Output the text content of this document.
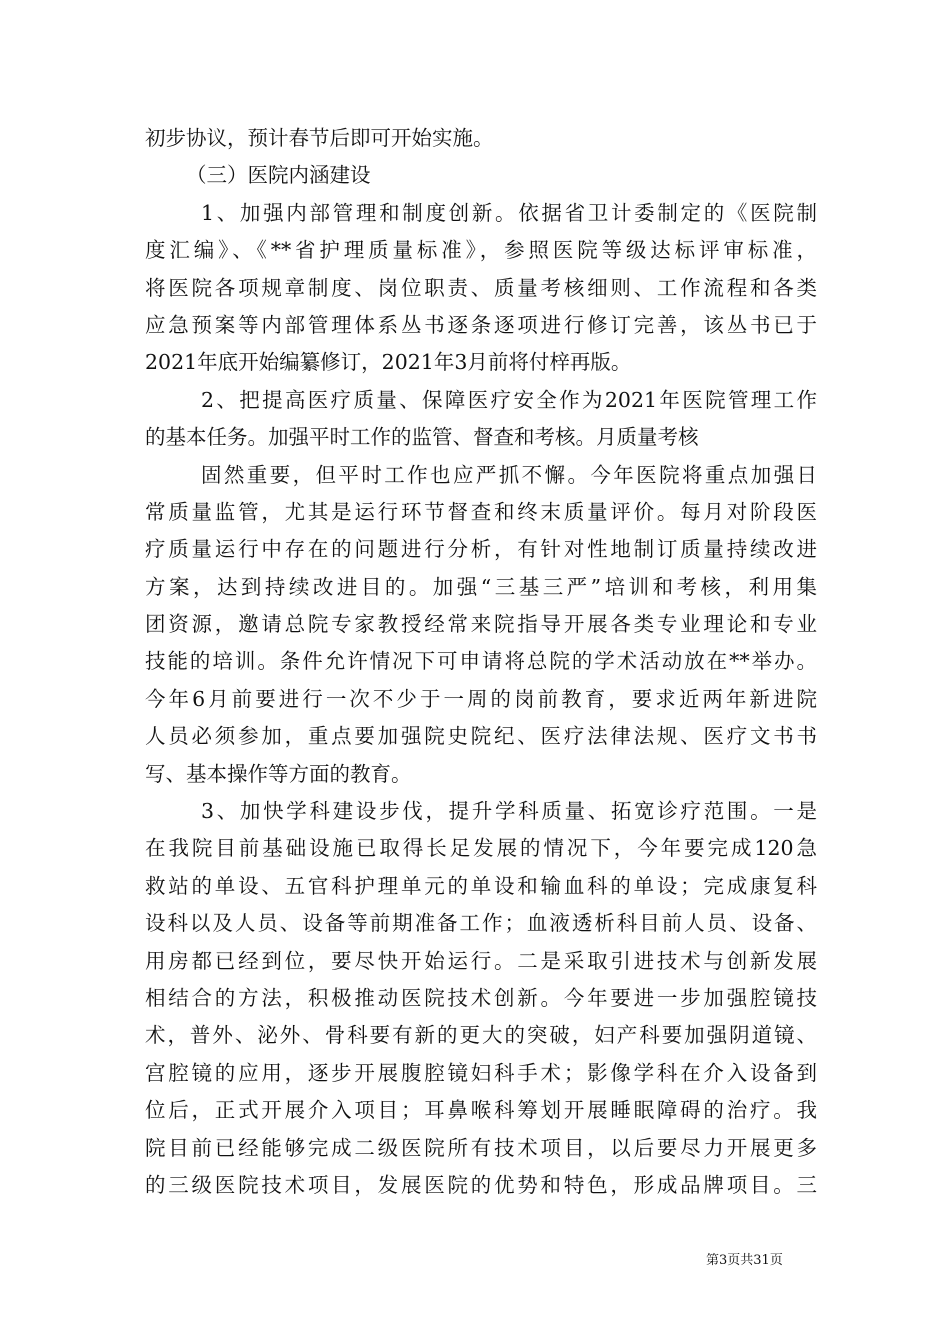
初步协议，预计春节后即可开始实施。
（三）医院内涵建设
1、加强内部管理和制度创新。依据省卫计委制定的《医院制
度汇编》、《**省护理质量标准》，参照医院等级达标评审标准，
将医院各项规章制度、岗位职责、质量考核细则、工作流程和各类
应急预案等内部管理体系丛书逐条逐项进行修订完善，该丛书已于
2021年底开始编纂修订，2021年3月前将付梓再版。
2、把提高医疗质量、保障医疗安全作为2021年医院管理工作
的基本任务。加强平时工作的监管、督查和考核。月质量考核
固然重要，但平时工作也应严抓不懈。今年医院将重点加强日
常质量监管，尤其是运行环节督查和终末质量评价。每月对阶段医
疗质量运行中存在的问题进行分析，有针对性地制订质量持续改进
方案，达到持续改进目的。加强“三基三严”培训和考核，利用集
团资源，邀请总院专家教授经常来院指导开展各类专业理论和专业
技能的培训。条件允许情况下可申请将总院的学术活动放在**举办。
今年6月前要进行一次不少于一周的岗前教育，要求近两年新进院
人员必须参加，重点要加强院史院纪、医疗法律法规、医疗文书书
写、基本操作等方面的教育。
3、加快学科建设步伐，提升学科质量、拓宽诊疗范围。一是
在我院目前基础设施已取得长足发展的情况下，今年要完成120急
救站的单设、五官科护理单元的单设和输血科的单设；完成康复科
设科以及人员、设备等前期准备工作；血液透析科目前人员、设备、
用房都已经到位，要尽快开始运行。二是采取引进技术与创新发展
相结合的方法，积极推动医院技术创新。今年要进一步加强腔镜技
术，普外、泌外、骨科要有新的更大的突破，妇产科要加强阴道镜、
宫腔镜的应用，逐步开展腹腔镜妇科手术；影像学科在介入设备到
位后，正式开展介入项目；耳鼻喉科筹划开展睡眠障碍的治疗。我
院目前已经能够完成二级医院所有技术项目，以后要尽力开展更多
的三级医院技术项目，发展医院的优势和特色，形成品牌项目。三
第3页共31页
